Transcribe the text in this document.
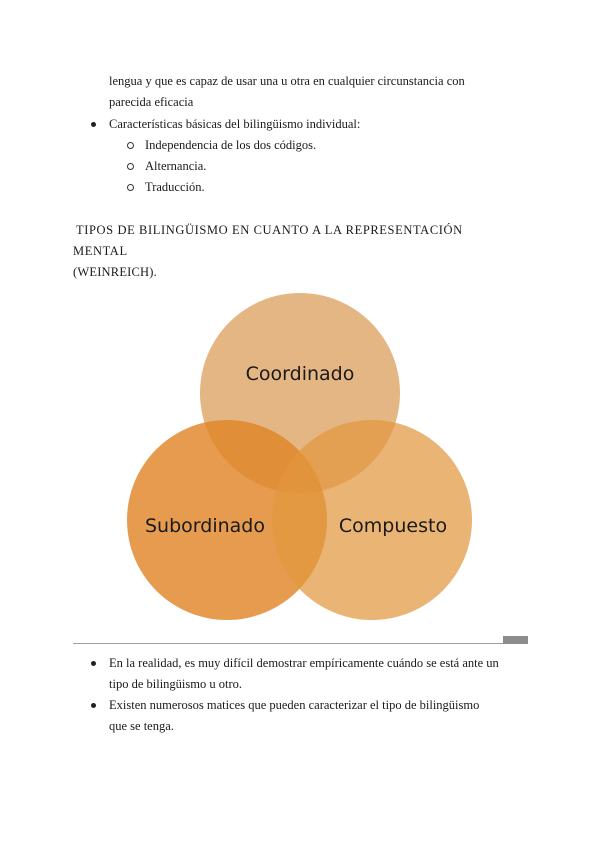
lengua y que es capaz de usar una u otra en cualquier circunstancia con
parecida eficacia
Características básicas del bilingüismo individual:
Independencia de los dos códigos.
Alternancia.
Traducción.
TIPOS DE BILINGÜISMO EN CUANTO A LA REPRESENTACIÓN
MENTAL
(WEINREICH).
Coordinado
Subordinado	Compuesto
En la realidad, es muy difícil demostrar empíricamente cuándo se está ante un
tipo de bilingüismo u otro.
Existen numerosos matices que pueden caracterizar el tipo de bilingüismo
que se tenga.
